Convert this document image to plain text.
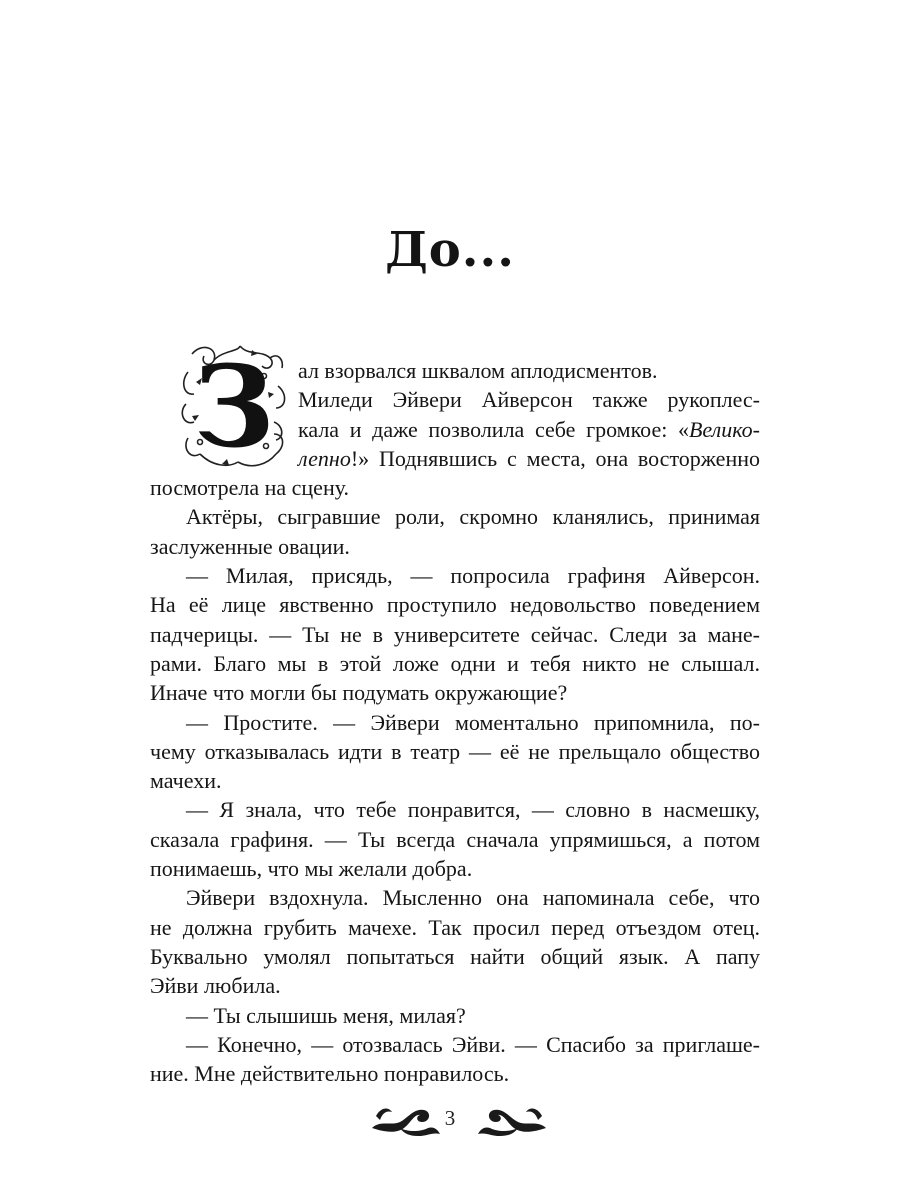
До...
З	ал взорвался шквалом аплодисментов.
Миледи Эйвери Айверсон также рукоплес-
кала и даже позволила себе громкое: «Велико-
лепно!» Поднявшись с места, она восторженно
посмотрела на сцену.
Актёры, сыгравшие роли, скромно кланялись, принимая
заслуженные овации.
— Милая, присядь, — попросила графиня Айверсон.
На её лице явственно проступило недовольство поведением
падчерицы. — Ты не в университете сейчас. Следи за мане-
рами. Благо мы в этой ложе одни и тебя никто не слышал.
Иначе что могли бы подумать окружающие?
— Простите. — Эйвери моментально припомнила, по-
чему отказывалась идти в театр — её не прельщало общество
мачехи.
— Я знала, что тебе понравится, — словно в насмешку,
сказала графиня. — Ты всегда сначала упрямишься, а потом
понимаешь, что мы желали добра.
Эйвери вздохнула. Мысленно она напоминала себе, что
не должна грубить мачехе. Так просил перед отъездом отец.
Буквально умолял попытаться найти общий язык. А папу
Эйви любила.
— Ты слышишь меня, милая?
— Конечно, — отозвалась Эйви. — Спасибо за приглаше-
ние. Мне действительно понравилось.
3
